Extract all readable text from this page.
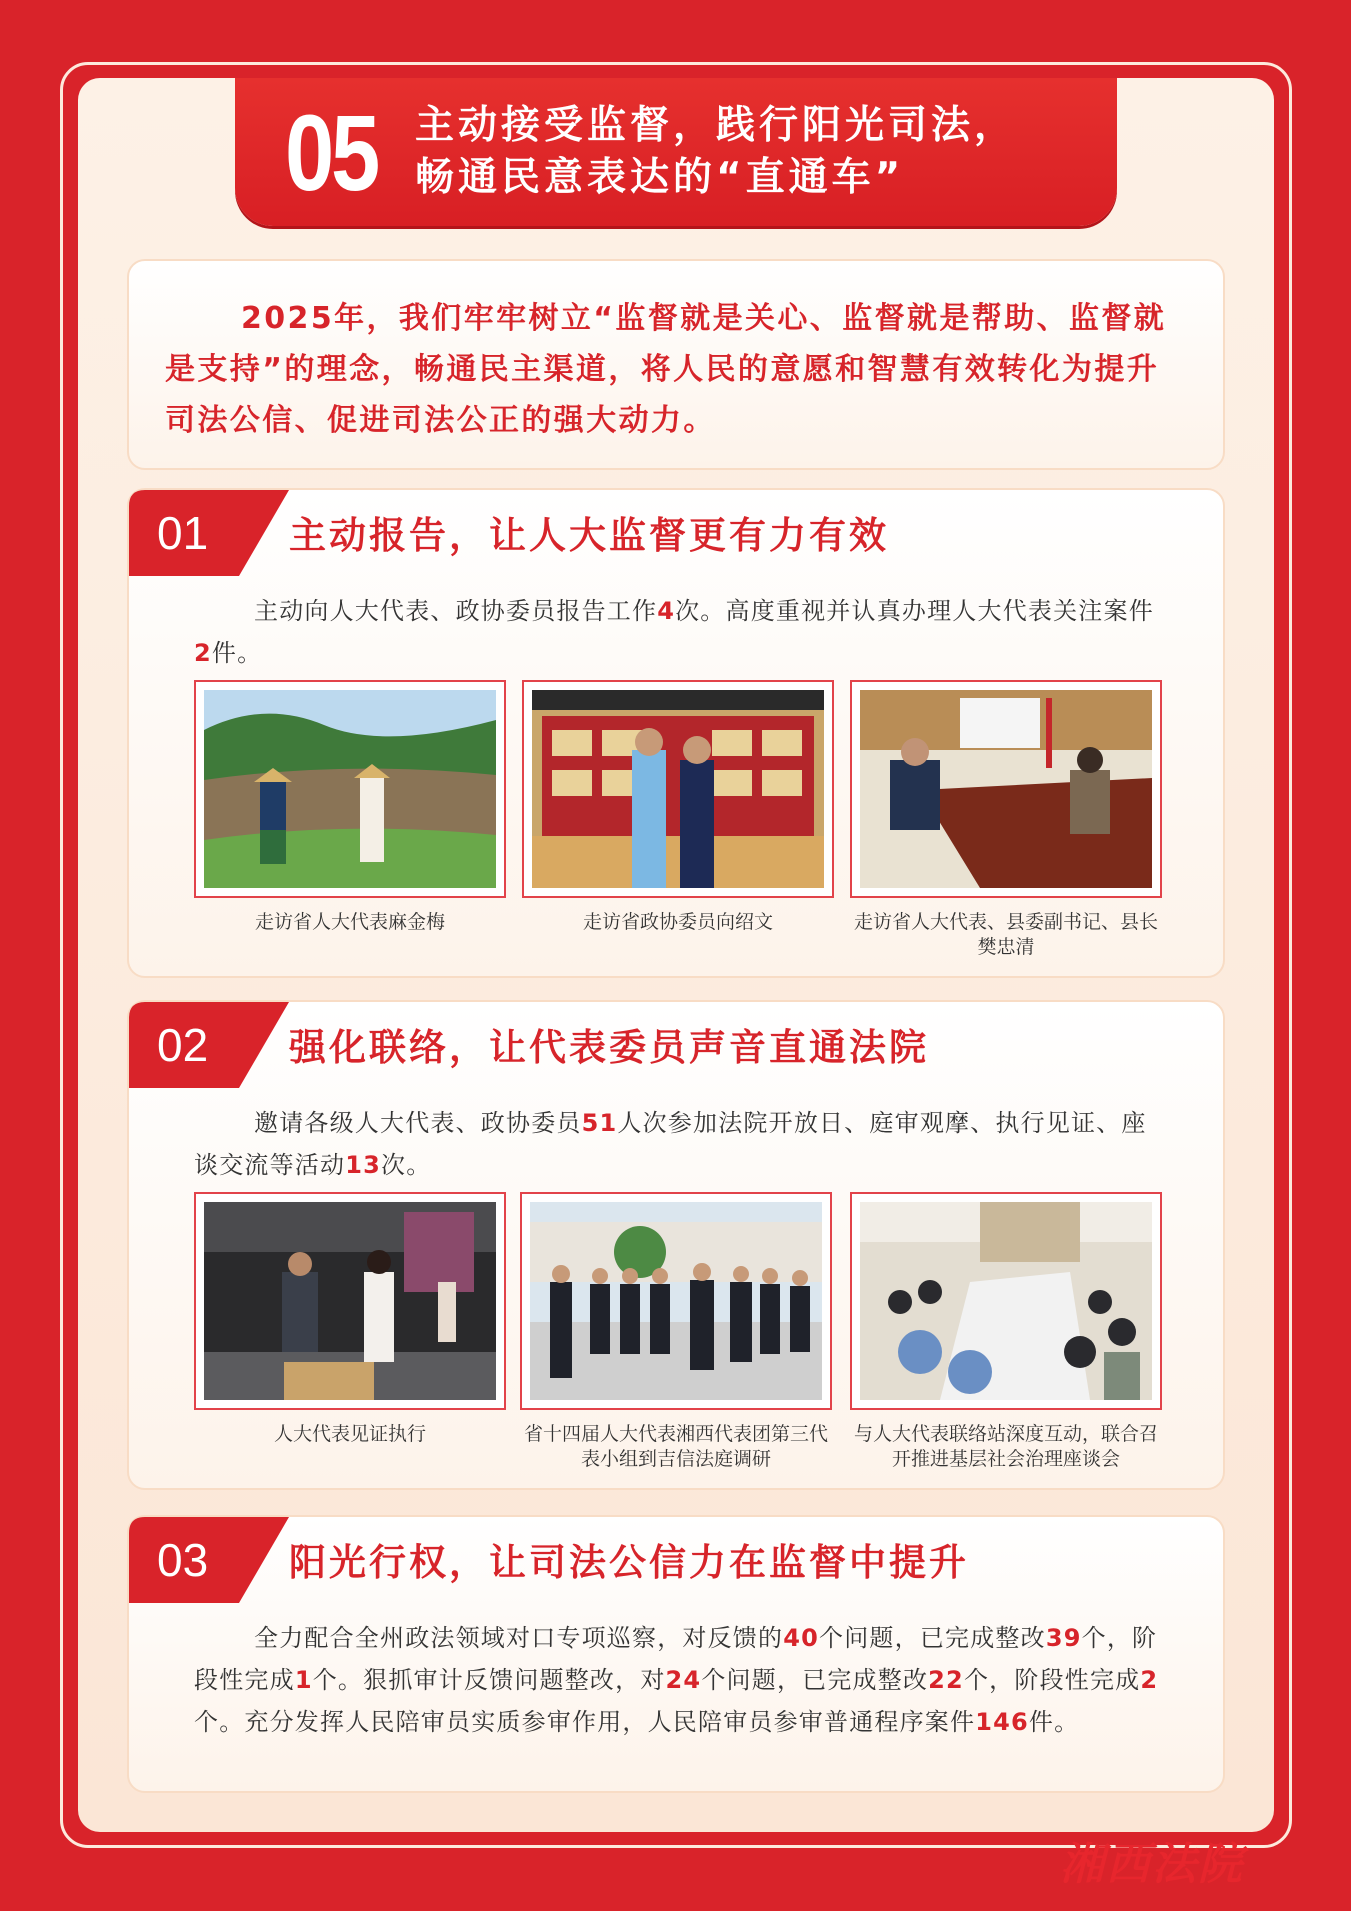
05 主动接受监督，践行阳光司法，
畅通民意表达的“直通车”

2025年，我们牢牢树立“监督就是关心、监督就是帮助、监督就是支持”的理念，畅通民主渠道，将人民的意愿和智慧有效转化为提升司法公信、促进司法公正的强大动力。

01 主动报告，让人大监督更有力有效

主动向人大代表、政协委员报告工作4次。高度重视并认真办理人大代表关注案件2件。

走访省人大代表麻金梅	走访省政协委员向绍文	走访省人大代表、县委副书记、县长樊忠清
02 强化联络，让代表委员声音直通法院

邀请各级人大代表、政协委员51人次参加法院开放日、庭审观摩、执行见证、座谈交流等活动13次。

人大代表见证执行	省十四届人大代表湘西代表团第三代表小组到吉信法庭调研
与人大代表联络站深度互动，联合召开推进基层社会治理座谈会
03 阳光行权，让司法公信力在监督中提升

全力配合全州政法领域对口专项巡察，对反馈的40个问题，已完成整改39个，阶段性完成1个。狠抓审计反馈问题整改，对24个问题，已完成整改22个，阶段性完成2个。充分发挥人民陪审员实质参审作用，人民陪审员参审普通程序案件146件。

湘西法院
